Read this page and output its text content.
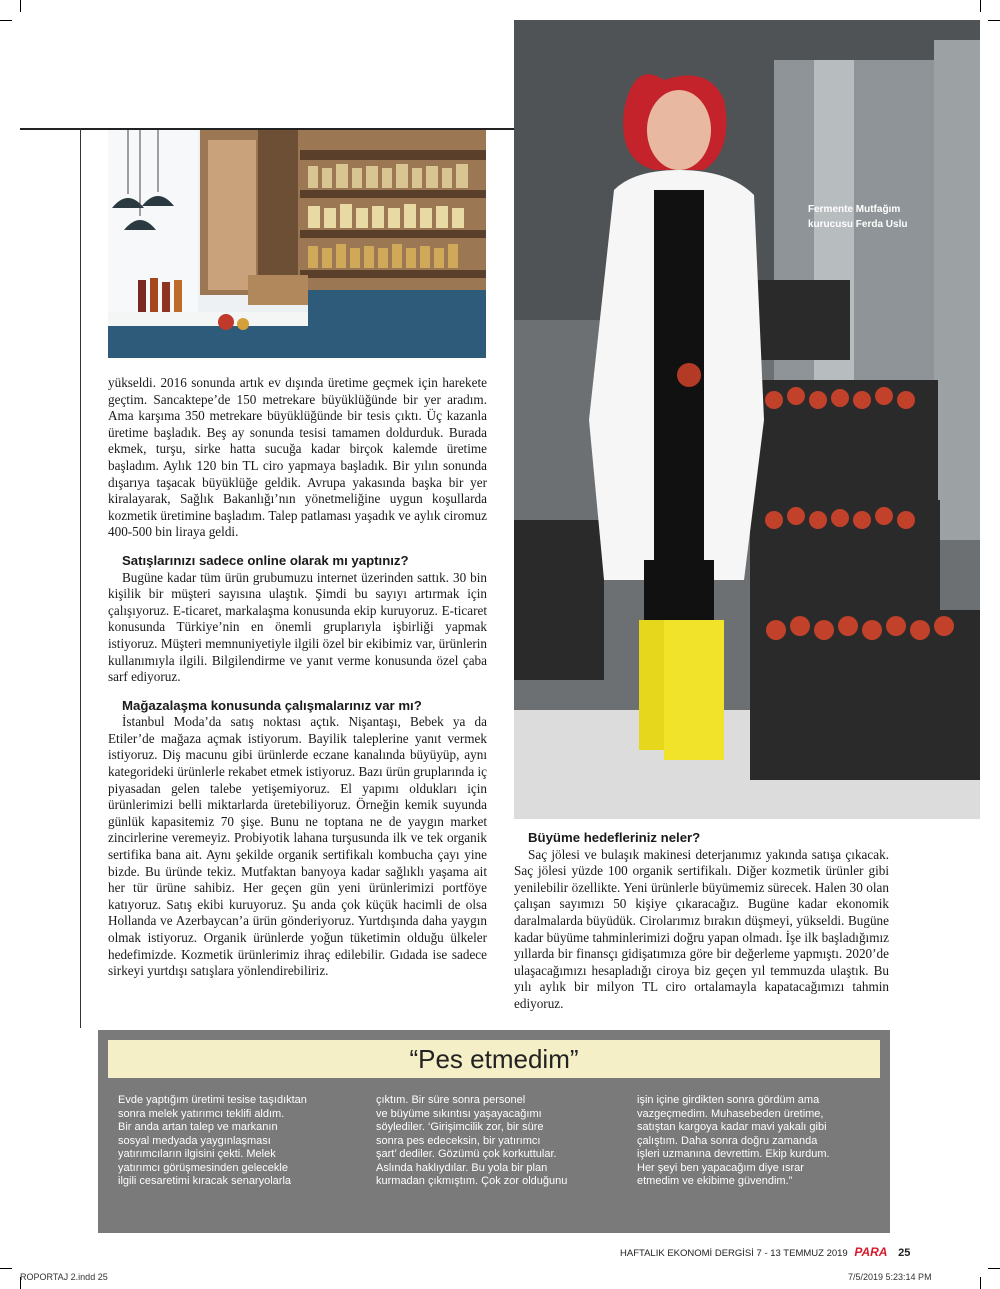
Fermente Mutfağım
kurucusu Ferda Uslu

yükseldi. 2016 sonunda artık ev dışında üretime geçmek için harekete geçtim. Sancaktepe’de 150 metrekare büyüklüğünde bir yer aradım. Ama karşıma 350 metrekare büyüklüğünde bir tesis çıktı. Üç kazanla üretime başladık. Beş ay sonunda tesisi tamamen doldurduk. Burada ekmek, turşu, sirke hatta sucuğa kadar birçok kalemde üretime başladım. Aylık 120 bin TL ciro yapmaya başladık. Bir yılın sonunda dışarıya taşacak büyüklüğe geldik. Avrupa yakasında başka bir yer kiralayarak, Sağlık Bakanlığı’nın yönetmeliğine uygun koşullarda kozmetik üretimine başladım. Talep patlaması yaşadık ve aylık ciromuz 400-500 bin liraya geldi.

Satışlarınızı sadece online olarak mı yaptınız?

Bugüne kadar tüm ürün grubumuzu internet üzerinden sattık. 30 bin kişilik bir müşteri sayısına ulaştık. Şimdi bu sayıyı artırmak için çalışıyoruz. E-ticaret, markalaşma konusunda ekip kuruyoruz. E-ticaret konusunda Türkiye’nin en önemli gruplarıyla işbirliği yapmak istiyoruz. Müşteri memnuniyetiyle ilgili özel bir ekibimiz var, ürünlerin kullanımıyla ilgili. Bilgilendirme ve yanıt verme konusunda özel çaba sarf ediyoruz.

Mağazalaşma konusunda çalışmalarınız var mı?

İstanbul Moda’da satış noktası açtık. Nişantaşı, Bebek ya da Etiler’de mağaza açmak istiyorum. Bayilik taleplerine yanıt vermek istiyoruz. Diş macunu gibi ürünlerde eczane kanalında büyüyüp, aynı kategorideki ürünlerle rekabet etmek istiyoruz. Bazı ürün gruplarında iç piyasadan gelen talebe yetişemiyoruz. El yapımı oldukları için ürünlerimizi belli miktarlarda üretebiliyoruz. Örneğin kemik suyunda günlük kapasitemiz 70 şişe. Bunu ne toptana ne de yaygın market zincirlerine veremeyiz. Probiyotik lahana turşusunda ilk ve tek organik sertifika bana ait. Aynı şekilde organik sertifikalı kombucha çayı yine bizde. Bu üründe tekiz. Mutfaktan banyoya kadar sağlıklı yaşama ait her tür ürüne sahibiz. Her geçen gün yeni ürünlerimizi portföye katıyoruz. Satış ekibi kuruyoruz. Şu anda çok küçük hacimli de olsa Hollanda ve Azerbaycan’a ürün gönderiyoruz. Yurtdışında daha yaygın olmak istiyoruz. Organik ürünlerde yoğun tüketimin olduğu ülkeler hedefimizde. Kozmetik ürünlerimiz ihraç edilebilir. Gıdada ise sadece sirkeyi yurtdışı satışlara yönlendirebiliriz.

Büyüme hedefleriniz neler?

Saç jölesi ve bulaşık makinesi deterjanımız yakında satışa çıkacak. Saç jölesi yüzde 100 organik sertifikalı. Diğer kozmetik ürünler gibi yenilebilir özellikte. Yeni ürünlerle büyümemiz sürecek. Halen 30 olan çalışan sayımızı 50 kişiye çıkaracağız. Bugüne kadar ekonomik daralmalarda büyüdük. Cirolarımız bırakın düşmeyi, yükseldi. Bugüne kadar büyüme tahminlerimizi doğru yapan olmadı. İşe ilk başladığımız yıllarda bir finansçı gidişatımıza göre bir değerleme yapmıştı. 2020’de ulaşacağımızı hesapladığı ciroya biz geçen yıl temmuzda ulaştık. Bu yılı aylık bir milyon TL ciro ortalamayla kapatacağımızı tahmin ediyoruz.

“Pes etmedim”
Evde yaptığım üretimi tesise taşıdıktan
sonra melek yatırımcı teklifi aldım.
Bir anda artan talep ve markanın
sosyal medyada yaygınlaşması
yatırımcıların ilgisini çekti. Melek
yatırımcı görüşmesinden gelecekle
ilgili cesaretimi kıracak senaryolarla
çıktım. Bir süre sonra personel
ve büyüme sıkıntısı yaşayacağımı
söylediler. ‘Girişimcilik zor, bir süre
sonra pes edeceksin, bir yatırımcı
şart’ dediler. Gözümü çok korkuttular.
Aslında haklıydılar. Bu yola bir plan
kurmadan çıkmıştım. Çok zor olduğunu
işin içine girdikten sonra gördüm ama
vazgeçmedim. Muhasebeden üretime,
satıştan kargoya kadar mavi yakalı gibi
çalıştım. Daha sonra doğru zamanda
işleri uzmanına devrettim. Ekip kurdum.
Her şeyi ben yapacağım diye ısrar
etmedim ve ekibime güvendim.”
HAFTALIK EKONOMİ DERGİSİ 7 - 13 TEMMUZ 2019 PARA 25
ROPORTAJ 2.indd 25	7/5/2019 5:23:14 PM
